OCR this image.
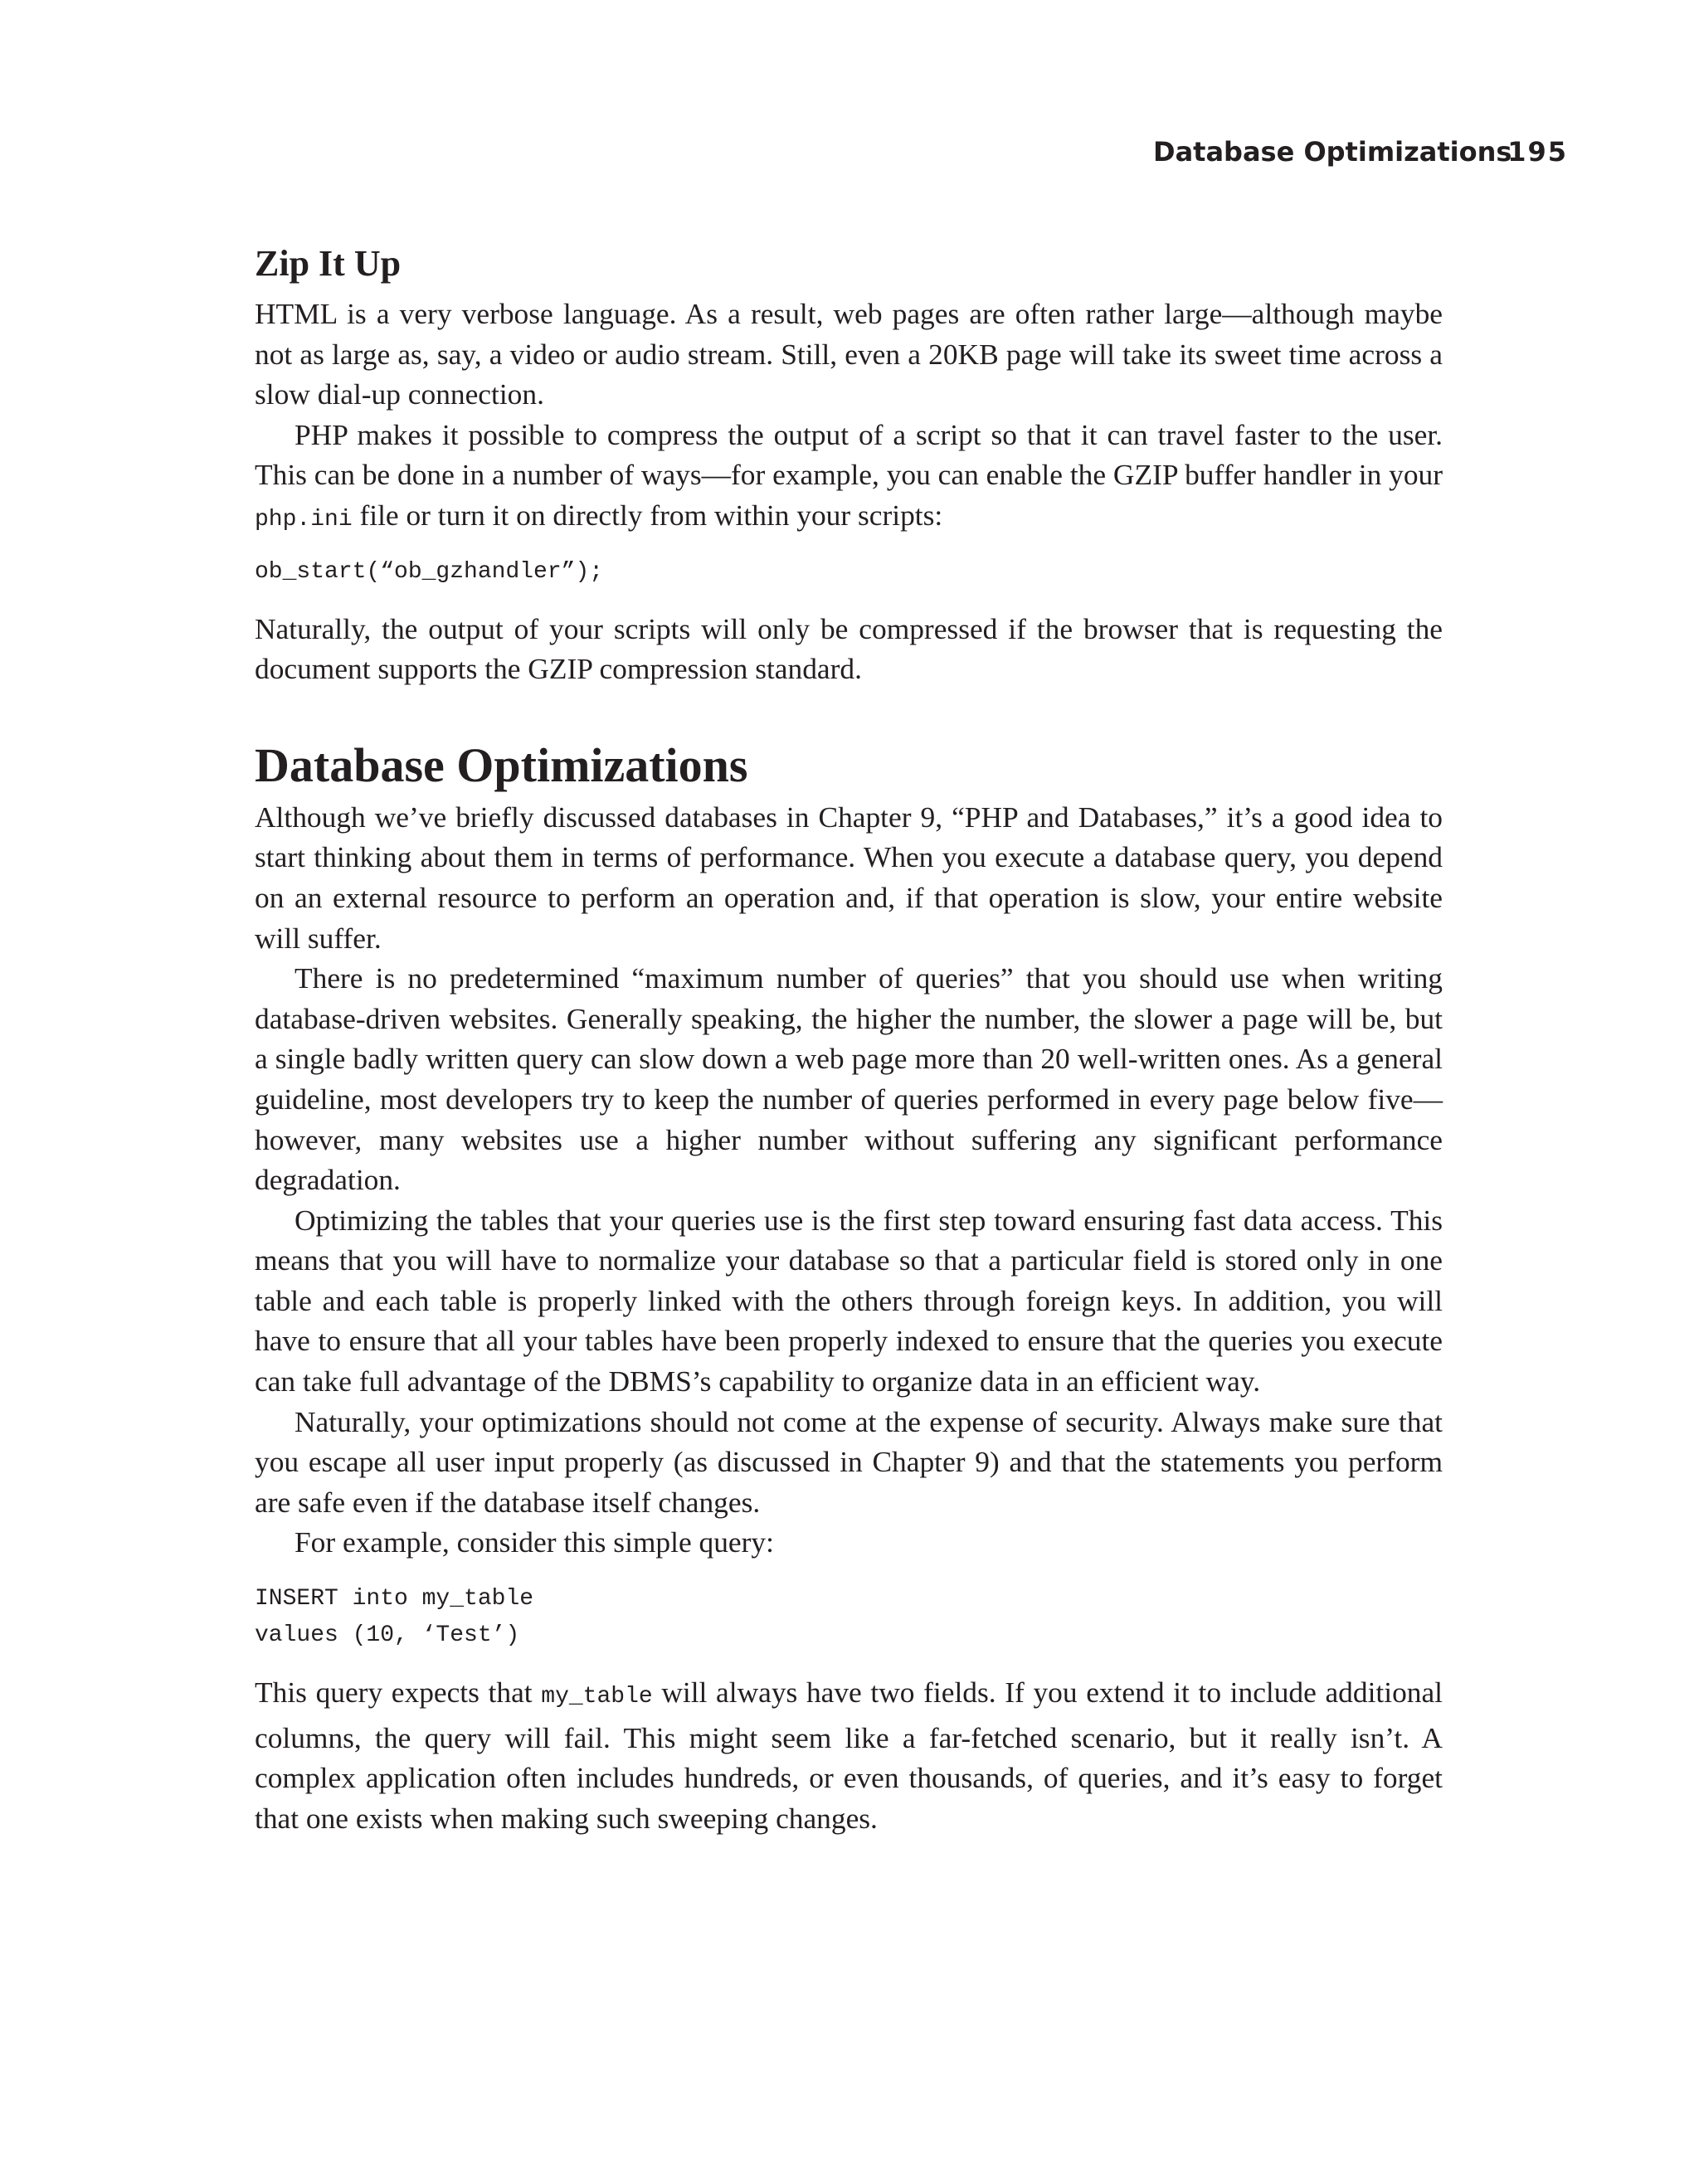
Database Optimizations
195
Zip It Up

HTML is a very verbose language. As a result, web pages are often rather large—although maybe not as large as, say, a video or audio stream. Still, even a 20KB page will take its sweet time across a slow dial-up connection.

PHP makes it possible to compress the output of a script so that it can travel faster to the user. This can be done in a number of ways—for example, you can enable the GZIP buffer handler in your php.ini file or turn it on directly from within your scripts:

ob_start(“ob_gzhandler”);

Naturally, the output of your scripts will only be compressed if the browser that is requesting the document supports the GZIP compression standard.

Database Optimizations

Although we’ve briefly discussed databases in Chapter 9, “PHP and Databases,” it’s a good idea to start thinking about them in terms of performance. When you execute a database query, you depend on an external resource to perform an operation and, if that operation is slow, your entire website will suffer.

There is no predetermined “maximum number of queries” that you should use when writing database-driven websites. Generally speaking, the higher the number, the slower a page will be, but a single badly written query can slow down a web page more than 20 well-written ones. As a general guideline, most developers try to keep the number of queries performed in every page below five—however, many websites use a higher number without suffering any significant performance degradation.

Optimizing the tables that your queries use is the first step toward ensuring fast data access. This means that you will have to normalize your database so that a particular field is stored only in one table and each table is properly linked with the others through foreign keys. In addition, you will have to ensure that all your tables have been properly indexed to ensure that the queries you execute can take full advantage of the DBMS’s capability to organize data in an efficient way.

Naturally, your optimizations should not come at the expense of security. Always make sure that you escape all user input properly (as discussed in Chapter 9) and that the statements you perform are safe even if the database itself changes.

For example, consider this simple query:

INSERT into my_table
values (10, ‘Test’)

This query expects that my_table will always have two fields. If you extend it to include additional columns, the query will fail. This might seem like a far-fetched scenario, but it really isn’t. A complex application often includes hundreds, or even thousands, of queries, and it’s easy to forget that one exists when making such sweeping changes.
